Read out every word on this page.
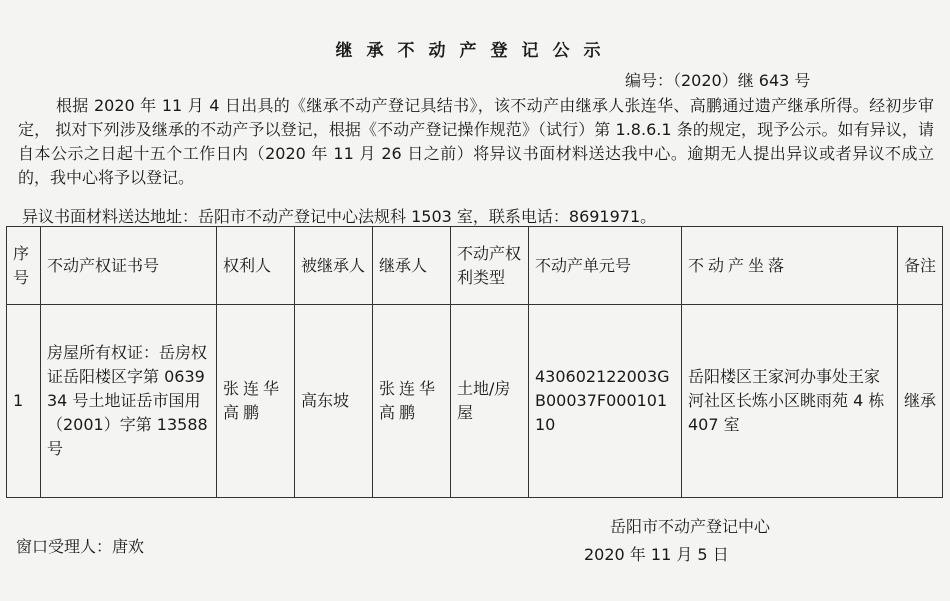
继承不动产登记公示
编号：（2020）继 643 号
根据 2020 年 11 月 4 日出具的《继承不动产登记具结书》，该不动产由继承人张连华、高鹏通过遗产继承所得。经初步审定， 拟对下列涉及继承的不动产予以登记，根据《不动产登记操作规范》（试行）第 1.8.6.1 条的规定，现予公示。如有异议，请自本公示之日起十五个工作日内（2020 年 11 月 26 日之前）将异议书面材料送达我中心。逾期无人提出异议或者异议不成立的，我中心将予以登记。
异议书面材料送达地址：岳阳市不动产登记中心法规科 1503 室，联系电话：8691971。
序号	不动产权证书号	权利人	被继承人	继承人	不动产权利类型	不动产单元号	不动产坐落	备注
1	房屋所有权证：岳房权证岳阳楼区字第 063934 号土地证岳市国用（2001）字第 13588 号	张连华高鹏	高东坡	张连华高鹏	土地/房屋	430602122003GB00037F00010110	岳阳楼区王家河办事处王家河社区长炼小区眺雨苑 4 栋 407 室	继承
岳阳市不动产登记中心
2020 年 11 月 5 日
窗口受理人：唐欢
